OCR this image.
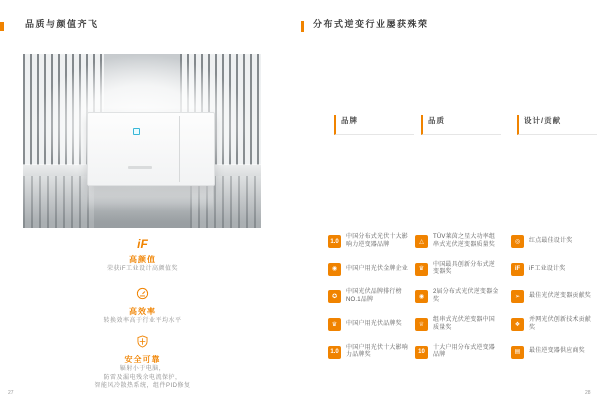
品质与颜值齐飞
iF
高颜值
荣获iF工业设计高颜值奖
高效率
转换效率高于行业平均水平
安全可靠
辐射小于电脑，
防雷及漏电残余电流保护，
智能风冷散热系统，组件PID修复
27
分布式逆变行业屡获殊荣
品牌
1.0
中国分布式光伏十大影响力逆变器品牌
◉	中国户用光伏金牌企业
✪
中国光伏品牌排行榜NO.1品牌
♛	中国户用光伏品牌奖
1.0
中国户用光伏十大影响力品牌奖
品质
△
TÜV莱茵之星大功率组串式光伏逆变器质量奖
♛
中国最具创新分布式逆变器奖
◉
2届分布式光伏逆变器金奖
♕
组串式光伏逆变器中国质量奖
10
十大户用分布式逆变器品牌
设计/贡献
◎	红点最佳设计奖
iF	iF工业设计奖
➢	最佳光伏逆变器贡献奖
❖
并网光伏创新技术贡献奖
▤	最佳逆变器供应商奖
28
